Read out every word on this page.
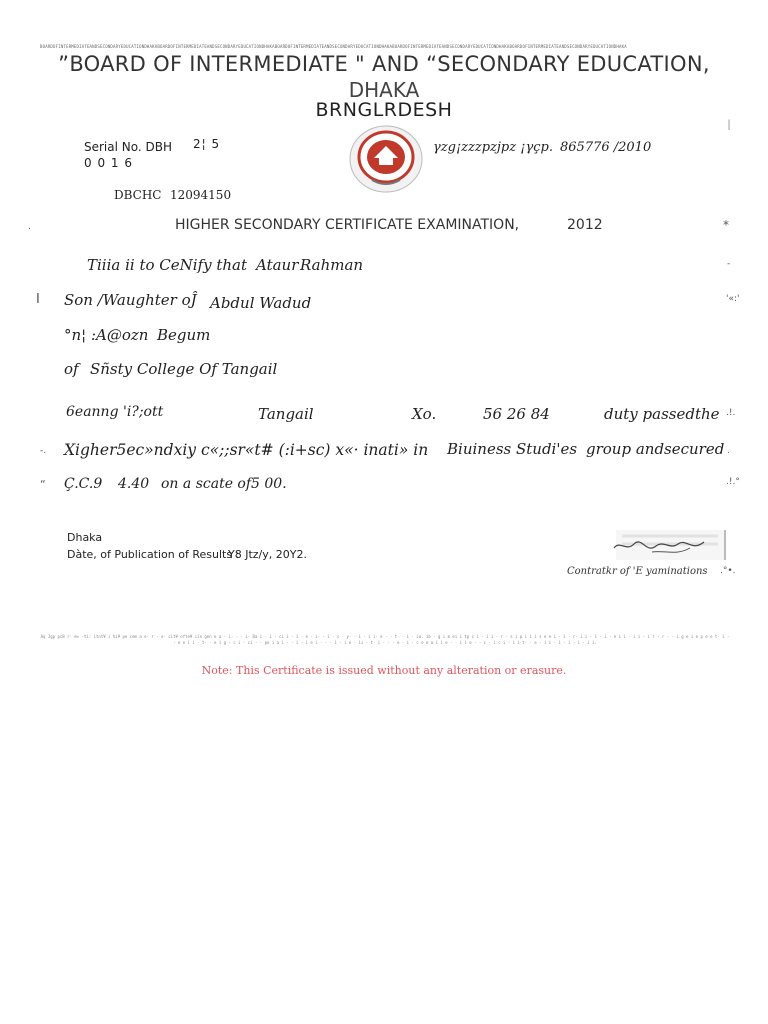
BOARDOFINTERMEDIATEANDSECONDARYEDUCATIONDHAKABOARDOFINTERMEDIATEANDSECONDARYEDUCATIONDHAKABOARDOFINTERMEDIATEANDSECONDARYEDUCATIONDHAKABOARDOFINTERMEDIATEANDSECONDARYEDUCATIONDHAKABOARDOFINTERMEDIATEANDSECONDARYEDUCATIONDHAKA
”BOARD OF INTERMEDIATE " AND “SECONDARY EDUCATION,
DHAKA
BRNGLRDESH
I
Serial No. DBH 2¦ 5
0 0 1 6
γzg¡zzzpzjpz ¡γçp. 865776 /2010
DBCHC 12094150
.	HIGHER SECONDARY CERTIFICATE EXAMINATION,	2012	*
Tiiia ii to CeNify that Ataur Rahman	-
I Son /Waughter oĴ Abdul Wadud	'«:'
°n¦ :A@ozn Begum
of Sñsty College Of Tangail
6eanng 'i?;ott	Tangail	Xo.	56 26 84	duty passedthe .!.
-. Xigher5ec»ndxiy c«;;sr«t# (:i+sc) x«· inati» in Biuiness Studi'es group andsecured .
“ Ç.C.9 4.40 on a scate of5 00.	.!.°
Dhaka
Dàte, of Publication of Results :
Y8 Jtz/y, 20Y2.
Contratkr of 'E yaminations .°•.
Aq Jgp pc8 r· m« ·ti: itnt¥ i hi¥ pe cem a e· r · e· cit¥ ofte¥ iin gen e a · i· · · i· Ba i · i · ci i · i · e · i· · i · s · y· · i · i i· e · · t· · i · ia. ib · g i m ei i tp c i · i i · r · s i p i i i s e e i · i · r· i i · i · i · e i i · i i · i r · r · · i g e i e p e e t· i · · e e i i · t· · e i g · c i · ci · · pe i a i · · i · i e i · · · i · i e · ii · t· i · · · e · i · c e e a i i e · · i i e · · c · i c i · i i t· · e · i i · i · i · i · i i.
Note: This Certificate is issued without any alteration or erasure.
